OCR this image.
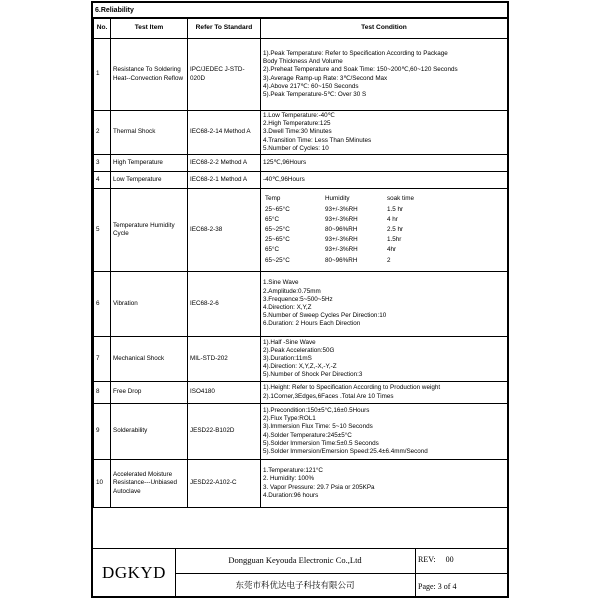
6.Reliability
No.	Test Item	Refer To Standard	Test Condition
1	Resistance To Soldering Heat--Convection Reflow	IPC/JEDEC J-STD-020D	
1).Peak Temperature: Refer to Specification According to Package
Body Thickness And Volume
2).Preheat Temperature and Soak Time: 150~200℃,60~120 Seconds
3).Average Ramp-up Rate: 3℃/Second Max
4).Above 217℃: 60~150 Seconds
5).Peak Temperature-5℃: Over 30 S

2	Thermal Shock	IEC68-2-14 Method A	
1.Low Temperature:-40℃
2.High Temperature:125
3.Dwell Time:30 Minutes
4.Transition Time: Less Than 5Minutes
5.Number of Cycles: 10

3	High Temperature	IEC68-2-2 Method A	125℃,96Hours

4	Low Temperature	IEC68-2-1 Method A	-40℃,96Hours

5	Temperature Humidity Cycle	IEC68-2-38	
Temp	Humidity	soak time
25~65°C	93+/-3%RH	1.5 hr
65°C	93+/-3%RH	4 hr
65~25°C	80~96%RH	2.5 hr
25~65°C	93+/-3%RH	1.5hr
65°C	93+/-3%RH	4hr
65~25°C	80~96%RH	2

6	Vibration	IEC68-2-6	
1.Sine Wave
2.Amplitude:0.75mm
3.Frequence:5~500~5Hz
4.Direction: X,Y,Z
5.Number of Sweep Cycles Per Direction:10
6.Duration: 2 Hours Each Direction

7	Mechanical Shock	MIL-STD-202	
1).Half -Sine Wave
2).Peak Acceleration:50G
3).Duration:11mS
4).Direction: X,Y,Z,-X,-Y,-Z
5).Number of Shock Per Direction:3

8	Free Drop	ISO4180	
1).Height: Refer to Specification According to Production weight
2).1Corner,3Edges,6Faces .Total Are 10 Times

9	Solderability	JESD22-B102D	
1).Precondition:150±5°C,16±0.5Hours
2).Flux Type:ROL1
3).Immersion Flux Time: 5~10 Seconds
4).Solder Temperature:245±5°C
5).Solder Immersion Time:5±0.5 Seconds
5).Solder Immersion/Emersion Speed:25.4±6.4mm/Second

10	Accelerated Moisture Resistance---Unbiased Autoclave	JESD22-A102-C	
1.Temperature:121°C
2. Humidity: 100%
3. Vapor Pressure: 29.7 Psia or 205KPa
4.Duration:96 hours
DGKYD
Dongguan Keyouda Electronic Co.,Ltd
东莞市科优达电子科技有限公司
REV: 00
Page: 3 of 4
